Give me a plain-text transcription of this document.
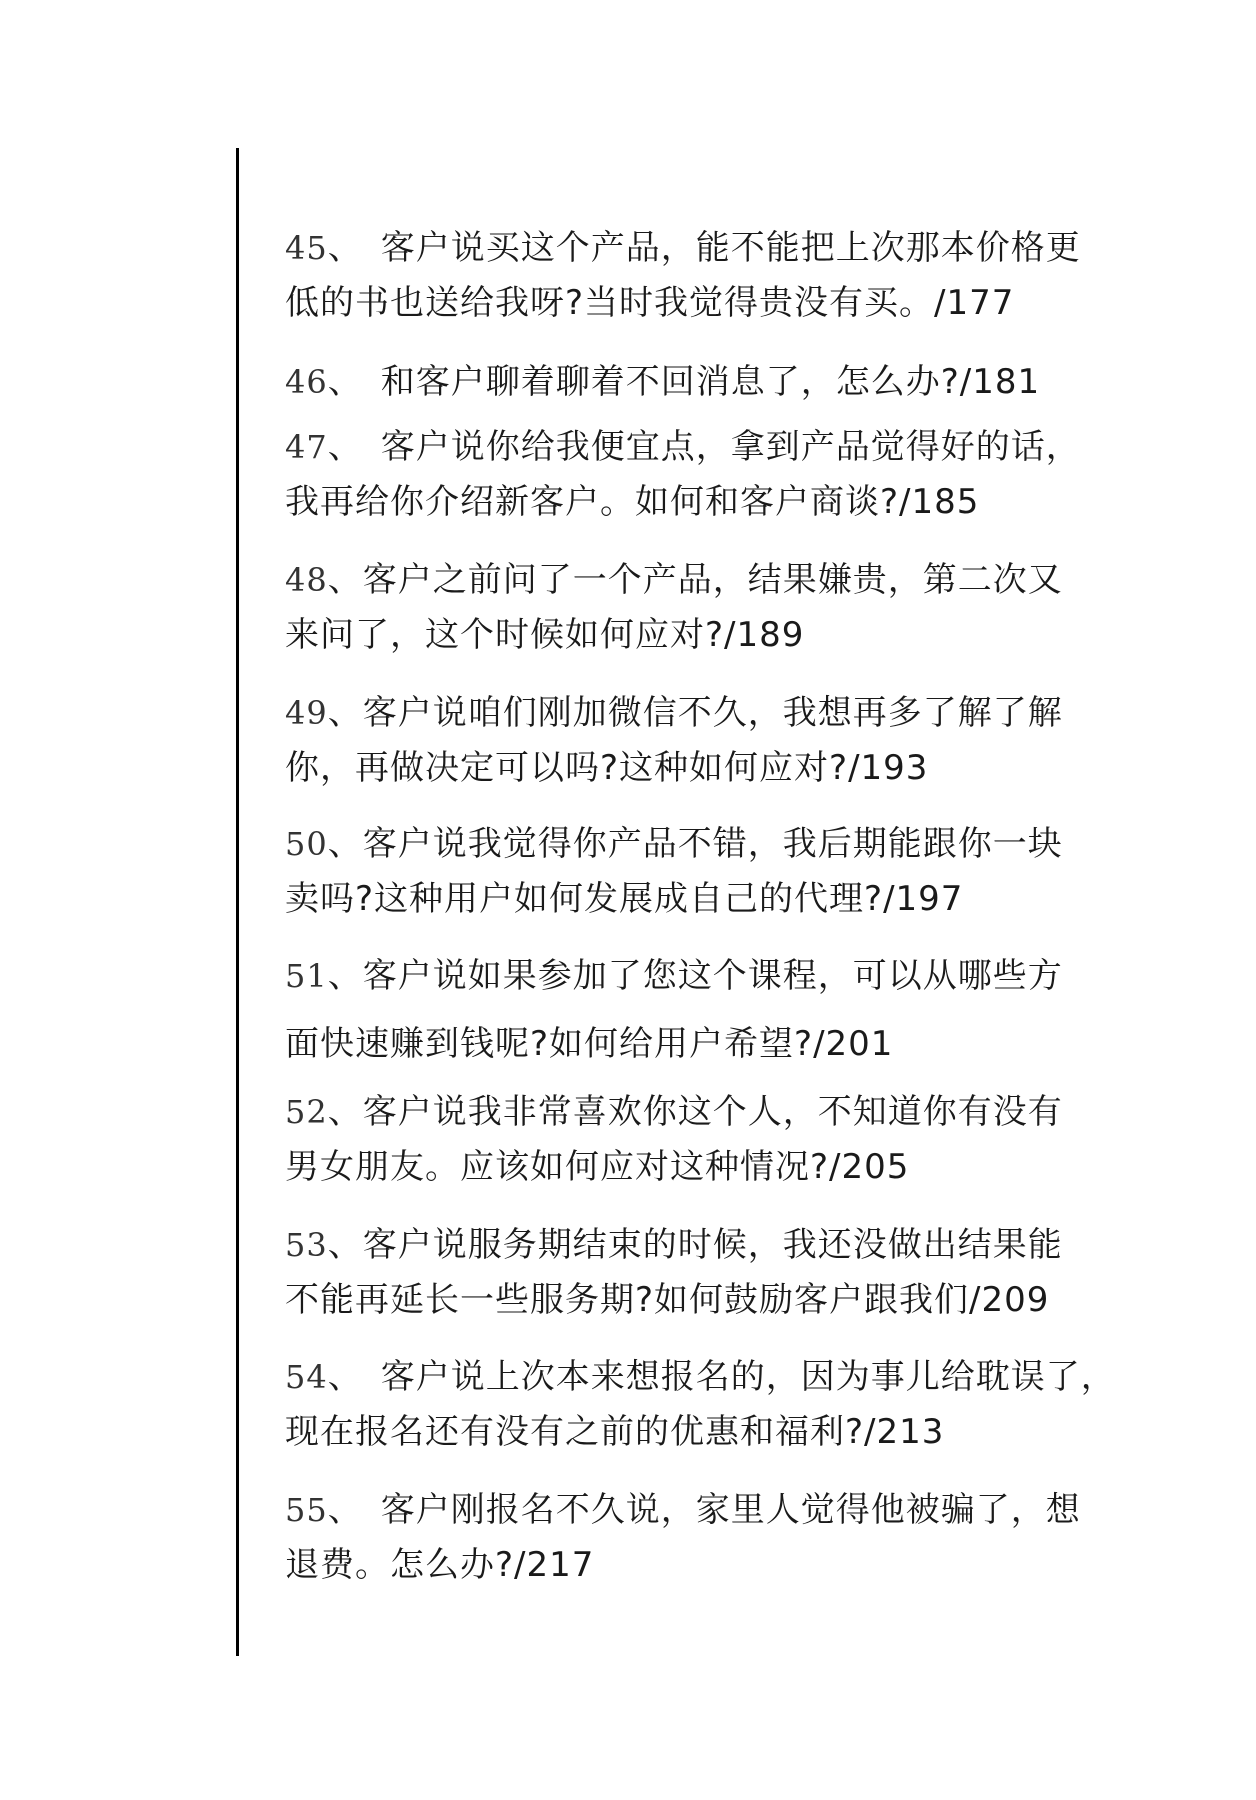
45、 客户说买这个产品，能不能把上次那本价格更
低的书也送给我呀?当时我觉得贵没有买。/177
46、 和客户聊着聊着不回消息了，怎么办?/181
47、 客户说你给我便宜点，拿到产品觉得好的话，
我再给你介绍新客户。如何和客户商谈?/185
48、客户之前问了一个产品，结果嫌贵，第二次又
来问了，这个时候如何应对?/189
49、客户说咱们刚加微信不久，我想再多了解了解
你，再做决定可以吗?这种如何应对?/193
50、客户说我觉得你产品不错，我后期能跟你一块
卖吗?这种用户如何发展成自己的代理?/197
51、客户说如果参加了您这个课程，可以从哪些方
面快速赚到钱呢?如何给用户希望?/201
52、客户说我非常喜欢你这个人，不知道你有没有
男女朋友。应该如何应对这种情况?/205
53、客户说服务期结束的时候，我还没做出结果能
不能再延长一些服务期?如何鼓励客户跟我们/209
54、 客户说上次本来想报名的，因为事儿给耽误了，
现在报名还有没有之前的优惠和福利?/213
55、 客户刚报名不久说，家里人觉得他被骗了，想
退费。怎么办?/217
